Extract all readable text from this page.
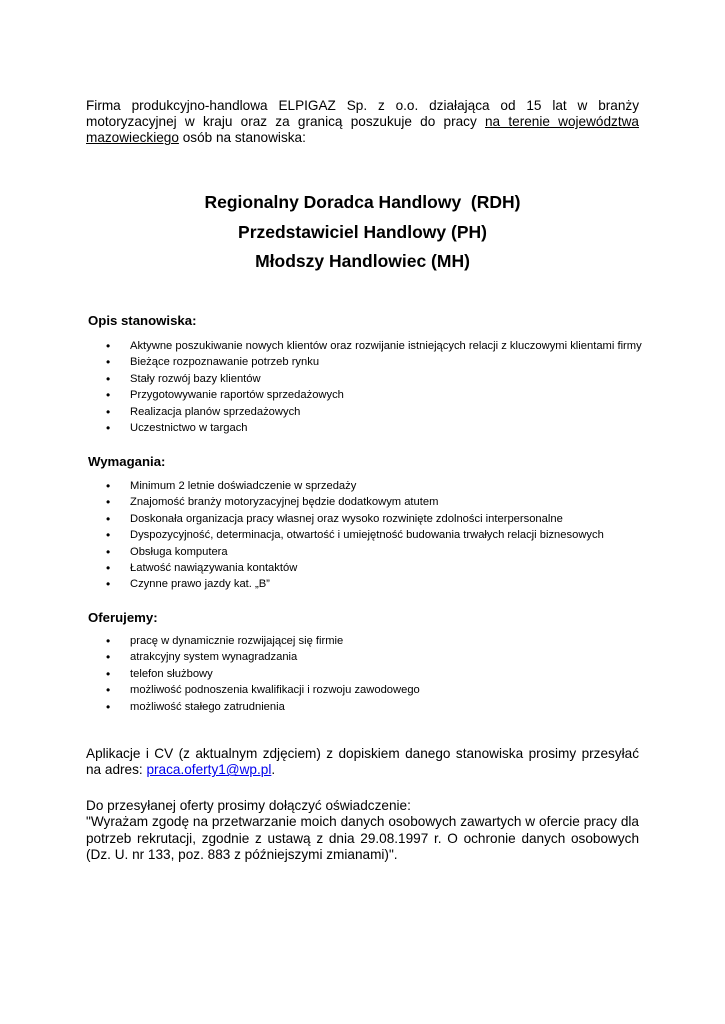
Firma produkcyjno-handlowa ELPIGAZ Sp. z o.o. działająca od 15 lat w branży motoryzacyjnej w kraju oraz za granicą poszukuje do pracy na terenie województwa mazowieckiego osób na stanowiska:

Regionalny Doradca Handlowy  (RDH)
Przedstawiciel Handlowy (PH)
Młodszy Handlowiec (MH)
Opis stanowiska:
• Aktywne poszukiwanie nowych klientów oraz rozwijanie istniejących relacji z kluczowymi klientami firmy
• Bieżące rozpoznawanie potrzeb rynku
• Stały rozwój bazy klientów
• Przygotowywanie raportów sprzedażowych
• Realizacja planów sprzedażowych
• Uczestnictwo w targach
Wymagania:
• Minimum 2 letnie doświadczenie w sprzedaży
• Znajomość branży motoryzacyjnej będzie dodatkowym atutem
• Doskonała organizacja pracy własnej oraz wysoko rozwinięte zdolności interpersonalne
• Dyspozycyjność, determinacja, otwartość i umiejętność budowania trwałych relacji biznesowych
• Obsługa komputera
• Łatwość nawiązywania kontaktów
• Czynne prawo jazdy kat. „B”
Oferujemy:
• pracę w dynamicznie rozwijającej się firmie
• atrakcyjny system wynagradzania
• telefon służbowy
• możliwość podnoszenia kwalifikacji i rozwoju zawodowego
• możliwość stałego zatrudnienia

Aplikacje i CV (z aktualnym zdjęciem) z dopiskiem danego stanowiska prosimy przesyłać na adres: praca.oferty1@wp.pl.

Do przesyłanej oferty prosimy dołączyć oświadczenie:
"Wyrażam zgodę na przetwarzanie moich danych osobowych zawartych w ofercie pracy dla potrzeb rekrutacji, zgodnie z ustawą z dnia 29.08.1997 r. O ochronie danych osobowych (Dz. U. nr 133, poz. 883 z późniejszymi zmianami)".
